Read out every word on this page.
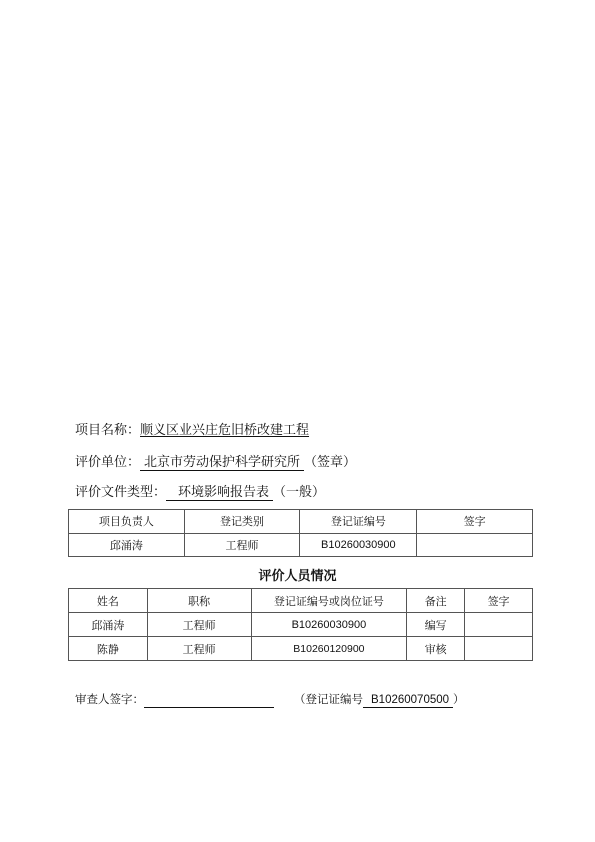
项目名称：顺义区业兴庄危旧桥改建工程
评价单位： 北京市劳动保护科学研究所 （签章）
评价文件类型： 环境影响报告表 （一般）
项目负责人	登记类别	登记证编号	签字
邱涌涛	工程师	B10260030900	
评价人员情况
姓名	职称	登记证编号或岗位证号	备注	签字
邱涌涛	工程师	B10260030900	编写	
陈静	工程师	B10260120900	审核	
审查人签字：	（登记证编号 B10260070500 ）
